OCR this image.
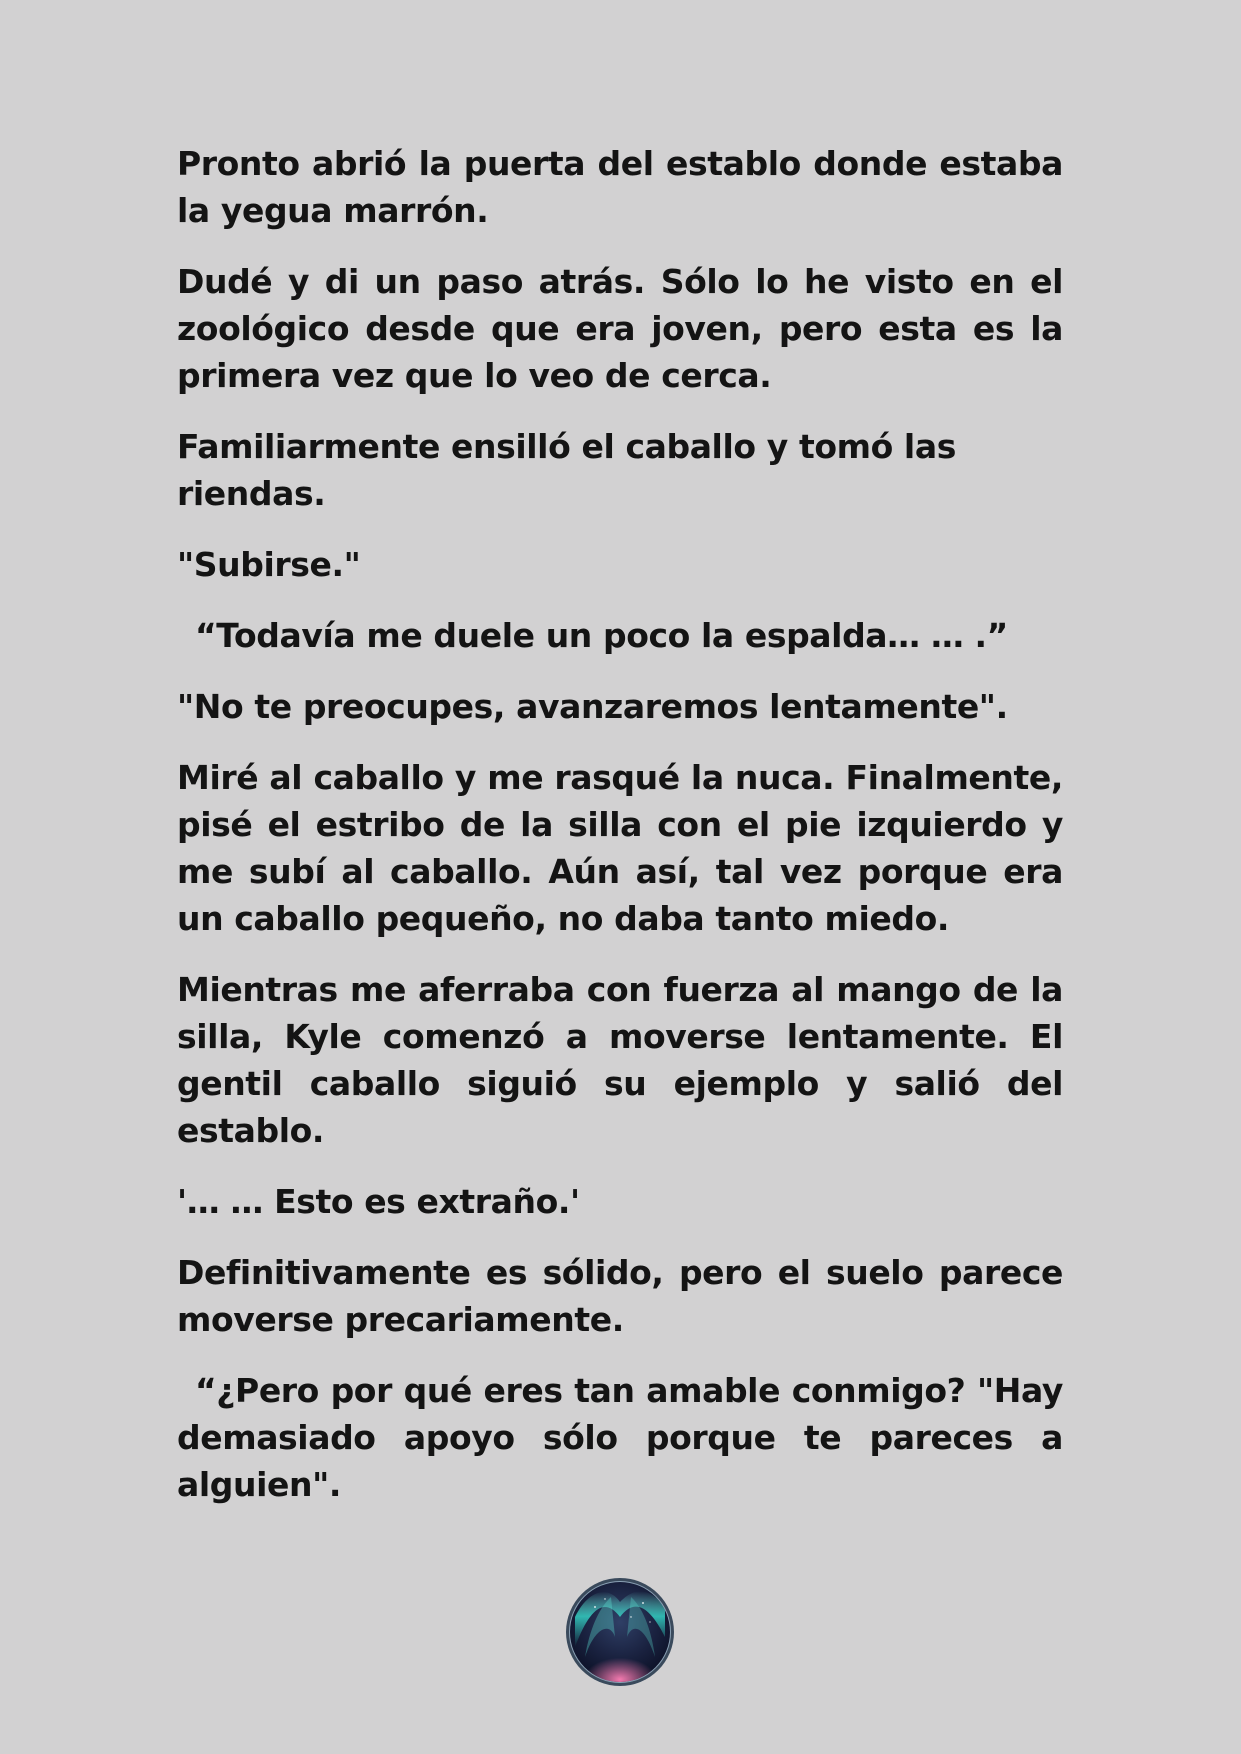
Pronto abrió la puerta del establo donde estaba la yegua marrón.

Dudé y di un paso atrás. Sólo lo he visto en el zoológico desde que era joven, pero esta es la primera vez que lo veo de cerca.

Familiarmente ensilló el caballo y tomó las riendas.

"Subirse."

“Todavía me duele un poco la espalda… … .”

"No te preocupes, avanzaremos lentamente".

Miré al caballo y me rasqué la nuca. Finalmente, pisé el estribo de la silla con el pie izquierdo y me subí al caballo. Aún así, tal vez porque era un caballo pequeño, no daba tanto miedo.

Mientras me aferraba con fuerza al mango de la silla, Kyle comenzó a moverse lentamente. El gentil caballo siguió su ejemplo y salió del establo.

'… … Esto es extraño.'

Definitivamente es sólido, pero el suelo parece moverse precariamente.

“¿Pero por qué eres tan amable conmigo? "Hay demasiado apoyo sólo porque te pareces a alguien".
